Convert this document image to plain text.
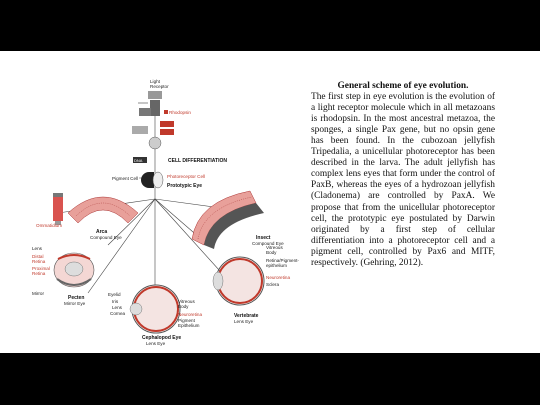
Light Receptor
Rhodopsin
DNA	CELL DIFFERENTIATION
Pigment Cell	Photoreceptor Cell
Prototypic Eye
Ommatidium
Arca
Compound Eye	Insect
Compound Eye
Lens
Distal Retina
Proximal Retina
Mirror
Pecten
Mirror Eye
Vitreous Body
Retina/Pigment-epithelium
Neuroretina
Sclera
Vertebrate
Lens Eye
Eyelid
Iris
Lens
Cornea
Vitreous Body
Neuroretina
Pigment Epithelium
Cephalopod Eye
Lens Eye
General scheme of eye evolution.

The first step in eye evolution is the evolution of a light receptor molecule which in all metazoans is rhodopsin. In the most ancestral metazoa, the sponges, a single Pax gene, but no opsin gene has been found. In the cubozoan jellyfish Tripedalia, a unicellular photoreceptor has been described in the larva. The adult jellyfish has complex lens eyes that form under the control of PaxB, whereas the eyes of a hydrozoan jellyfish (Cladonema) are controlled by PaxA. We propose that from the unicellular photoreceptor cell, the prototypic eye postulated by Darwin originated by a first step of cellular differentiation into a photoreceptor cell and a pigment cell, controlled by Pax6 and MITF, respectively. (Gehring, 2012).
